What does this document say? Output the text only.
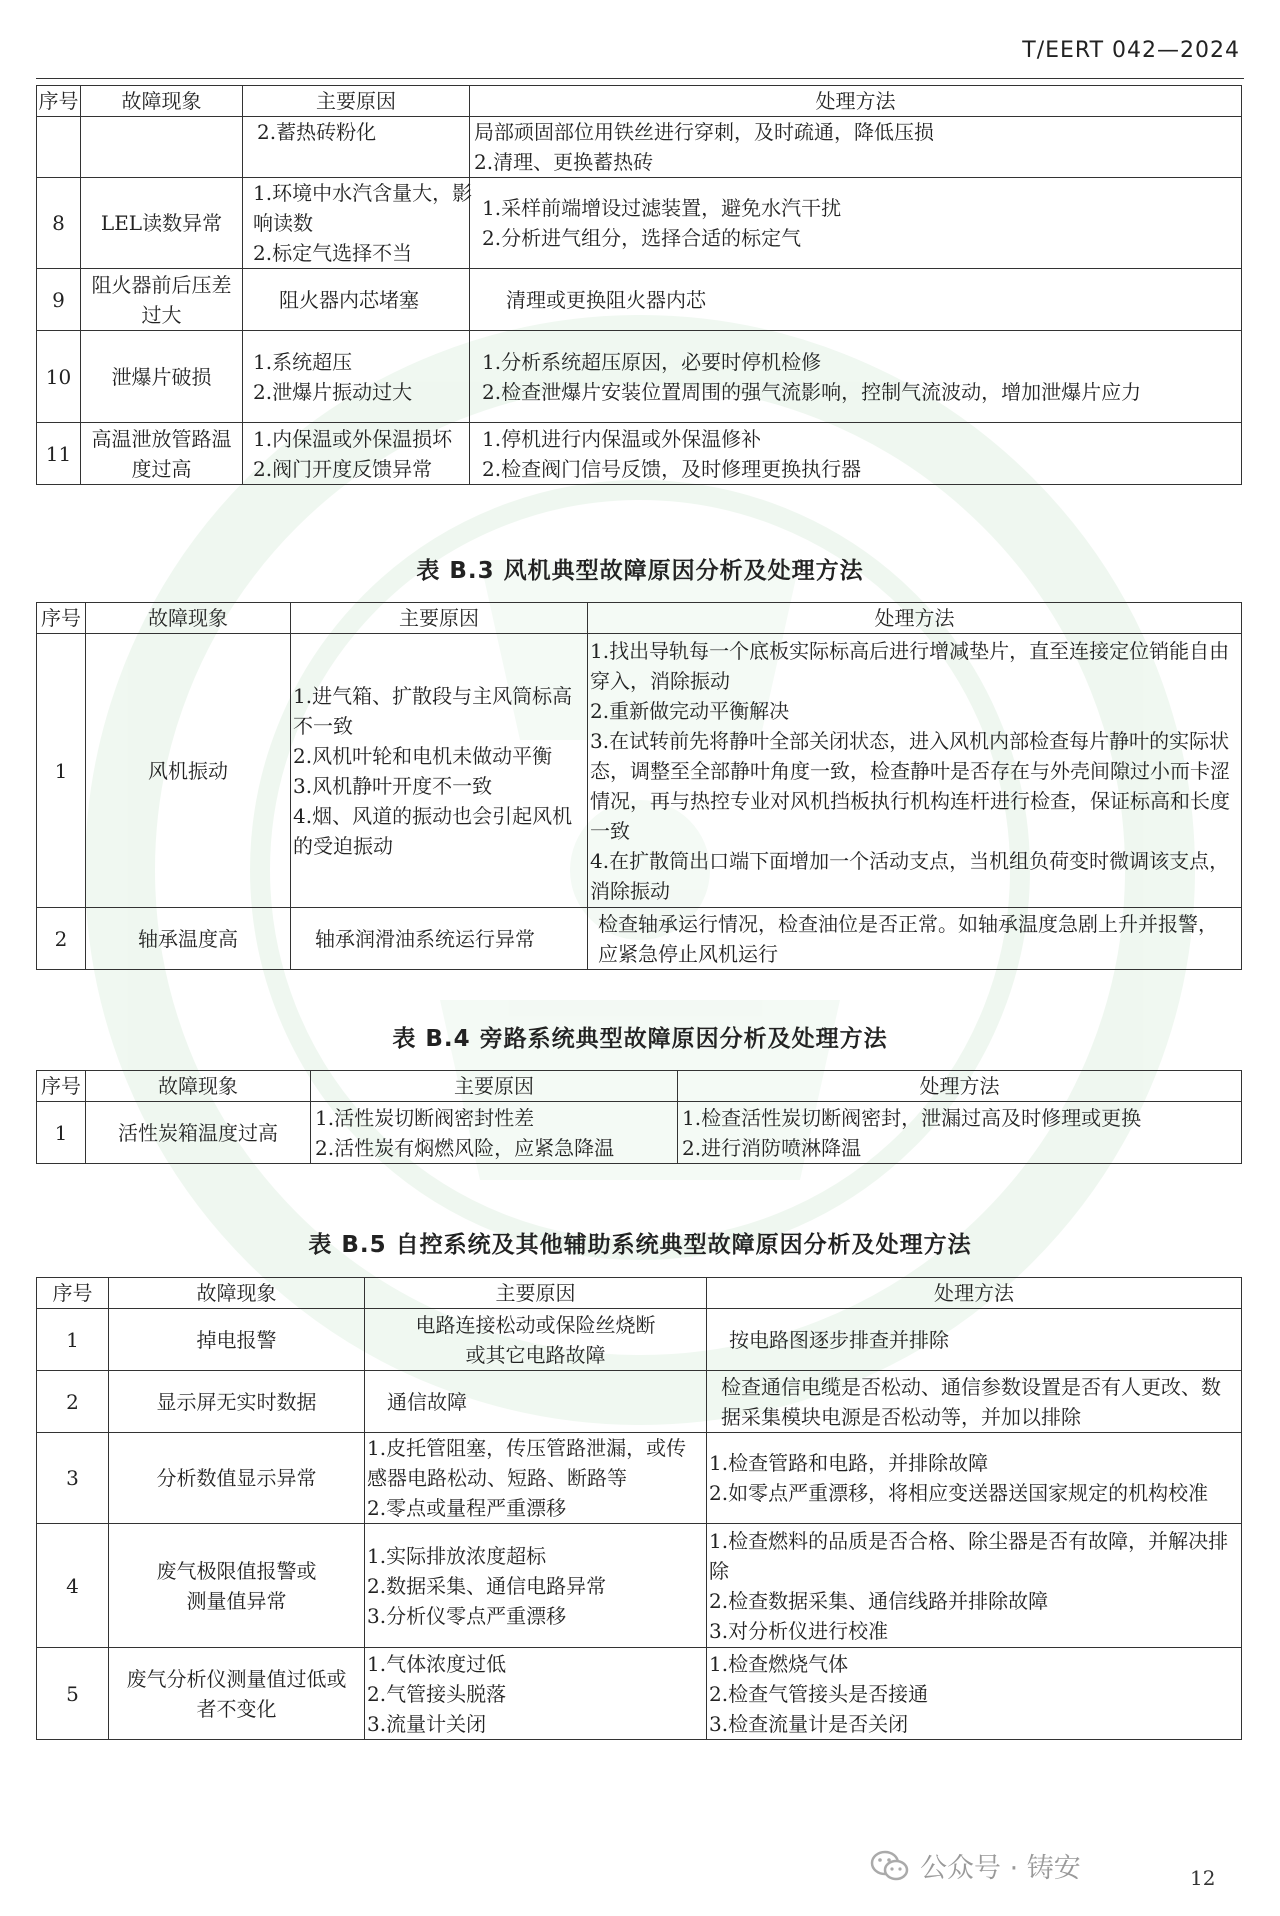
T/EERT 042—2024
序号	故障现象	主要原因	处理方法

		2.蓄热砖粉化	局部顽固部位用铁丝进行穿刺，及时疏通，降低压损
2.清理、更换蓄热砖

8	LEL读数异常	1.环境中水汽含量大，影
响读数
2.标定气选择不当	1.采样前端增设过滤装置，避免水汽干扰
2.分析进气组分，选择合适的标定气

9	阻火器前后压差过大	阻火器内芯堵塞	清理或更换阻火器内芯

10	泄爆片破损	1.系统超压
2.泄爆片振动过大	1.分析系统超压原因，必要时停机检修
2.检查泄爆片安装位置周围的强气流影响，控制气流波动，增加泄爆片应力

11	高温泄放管路温度过高	1.内保温或外保温损坏
2.阀门开度反馈异常	1.停机进行内保温或外保温修补
2.检查阀门信号反馈，及时修理更换执行器
表 B.3 风机典型故障原因分析及处理方法
序号	故障现象	主要原因	处理方法
1	风机振动	1.进气箱、扩散段与主风筒标高不一致
2.风机叶轮和电机未做动平衡
3.风机静叶开度不一致
4.烟、风道的振动也会引起风机的受迫振动	1.找出导轨每一个底板实际标高后进行增减垫片，直至连接定位销能自由穿入，消除振动
2.重新做完动平衡解决
3.在试转前先将静叶全部关闭状态，进入风机内部检查每片静叶的实际状态，调整至全部静叶角度一致，检查静叶是否存在与外壳间隙过小而卡涩情况，再与热控专业对风机挡板执行机构连杆进行检查，保证标高和长度一致
4.在扩散筒出口端下面增加一个活动支点，当机组负荷变时微调该支点，消除振动

2	轴承温度高	轴承润滑油系统运行异常	检查轴承运行情况，检查油位是否正常。如轴承温度急剧上升并报警，应紧急停止风机运行
表 B.4 旁路系统典型故障原因分析及处理方法
序号	故障现象	主要原因	处理方法
1	活性炭箱温度过高	1.活性炭切断阀密封性差
2.活性炭有焖燃风险，应紧急降温	1.检查活性炭切断阀密封，泄漏过高及时修理或更换
2.进行消防喷淋降温
表 B.5 自控系统及其他辅助系统典型故障原因分析及处理方法
序号	故障现象	主要原因	处理方法
1	掉电报警	电路连接松动或保险丝烧断
或其它电路故障	按电路图逐步排查并排除

2	显示屏无实时数据	通信故障	检查通信电缆是否松动、通信参数设置是否有人更改、数据采集模块电源是否松动等，并加以排除

3	分析数值显示异常	1.皮托管阻塞，传压管路泄漏，或传感器电路松动、短路、断路等
2.零点或量程严重漂移	1.检查管路和电路，并排除故障
2.如零点严重漂移，将相应变送器送国家规定的机构校准

4	废气极限值报警或测量值异常	1.实际排放浓度超标
2.数据采集、通信电路异常
3.分析仪零点严重漂移	1.检查燃料的品质是否合格、除尘器是否有故障，并解决排除
2.检查数据采集、通信线路并排除故障
3.对分析仪进行校准

5	废气分析仪测量值过低或者不变化	1.气体浓度过低
2.气管接头脱落
3.流量计关闭	1.检查燃烧气体
2.检查气管接头是否接通
3.检查流量计是否关闭
公众号 · 铸安	12
